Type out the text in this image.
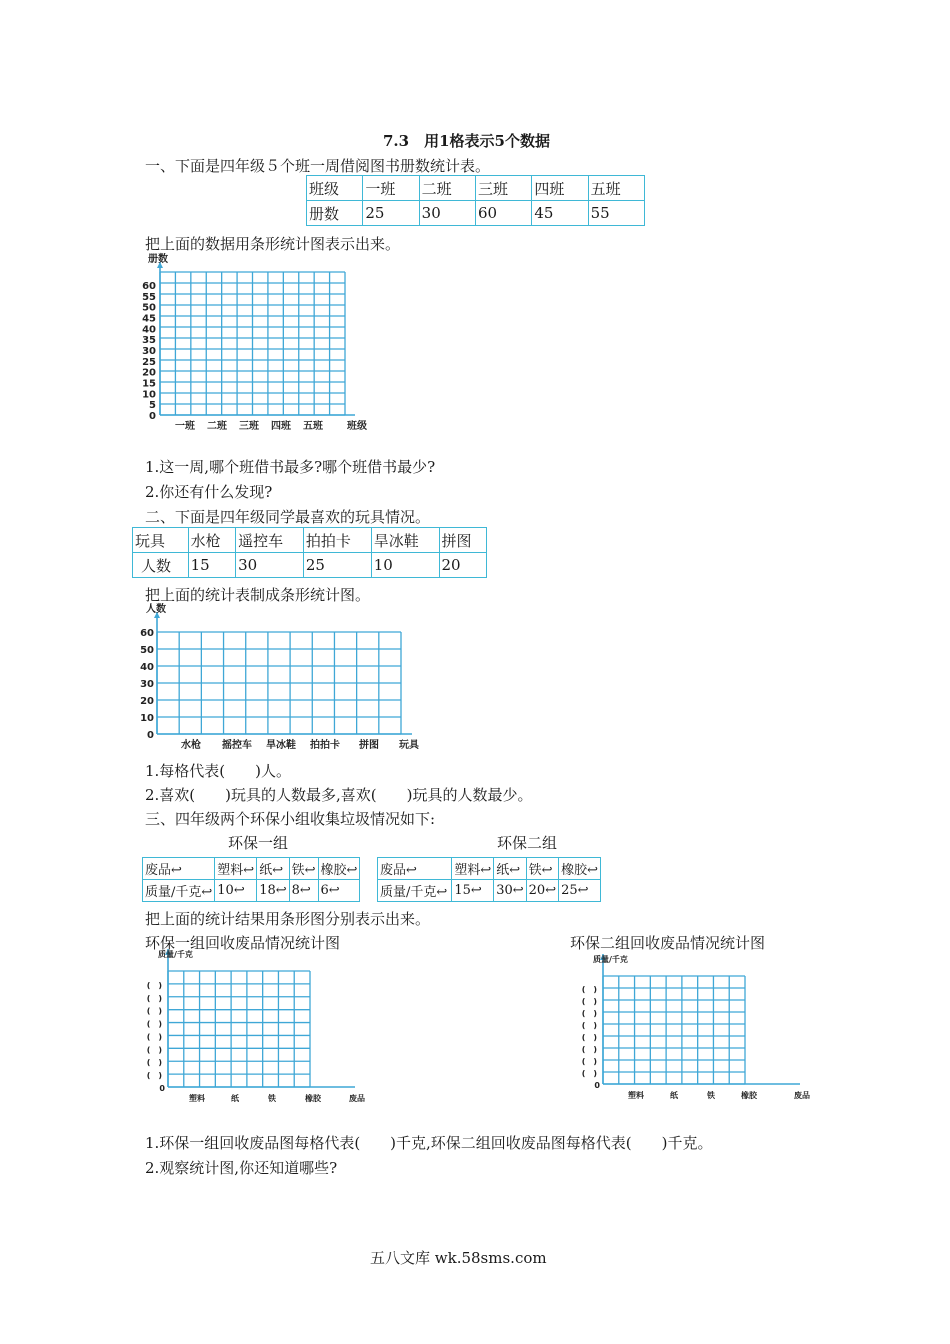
7.3　用1格表示5个数据
一、下面是四年级５个班一周借阅图书册数统计表。
班级	一班	二班	三班	四班	五班
册数	25	30	60	45	55
把上面的数据用条形统计图表示出来。
册数
0
5
10
15
20
25
30
35
40
45
50
55
60
一班 二班 三班 四班 五班 班级
人数
0
10
20
30
40
50
60
水枪 摇控车 旱冰鞋 拍拍卡 拼图 玩具
质量/千克
(　)
(　)
(　)
(　)
(　)
(　)
(　)
(　)
0
塑料	纸	铁	橡胶	废品
质量/千克
(　)
(　)
(　)
(　)
(　)
(　)
(　)
(　)
0
塑料	纸	铁	橡胶	废品
1.这一周,哪个班借书最多?哪个班借书最少?
2.你还有什么发现?
二、下面是四年级同学最喜欢的玩具情况。
玩具	水枪	遥控车	拍拍卡	旱冰鞋	拼图
人数	15	30	25	10	20
把上面的统计表制成条形统计图。
1.每格代表(　　)人。
2.喜欢(　　)玩具的人数最多,喜欢(　　)玩具的人数最少。
三、四年级两个环保小组收集垃圾情况如下:
环保一组	环保二组
废品↩	塑料↩	纸↩	铁↩	橡胶↩
质量/千克↩	10↩	18↩	8↩	6↩
废品↩	塑料↩	纸↩	铁↩	橡胶↩
质量/千克↩	15↩	30↩	20↩	25↩
把上面的统计结果用条形图分别表示出来。
环保一组回收废品情况统计图	环保二组回收废品情况统计图
1.环保一组回收废品图每格代表(　　)千克,环保二组回收废品图每格代表(　　)千克。
2.观察统计图,你还知道哪些?
五八文库 wk.58sms.com
